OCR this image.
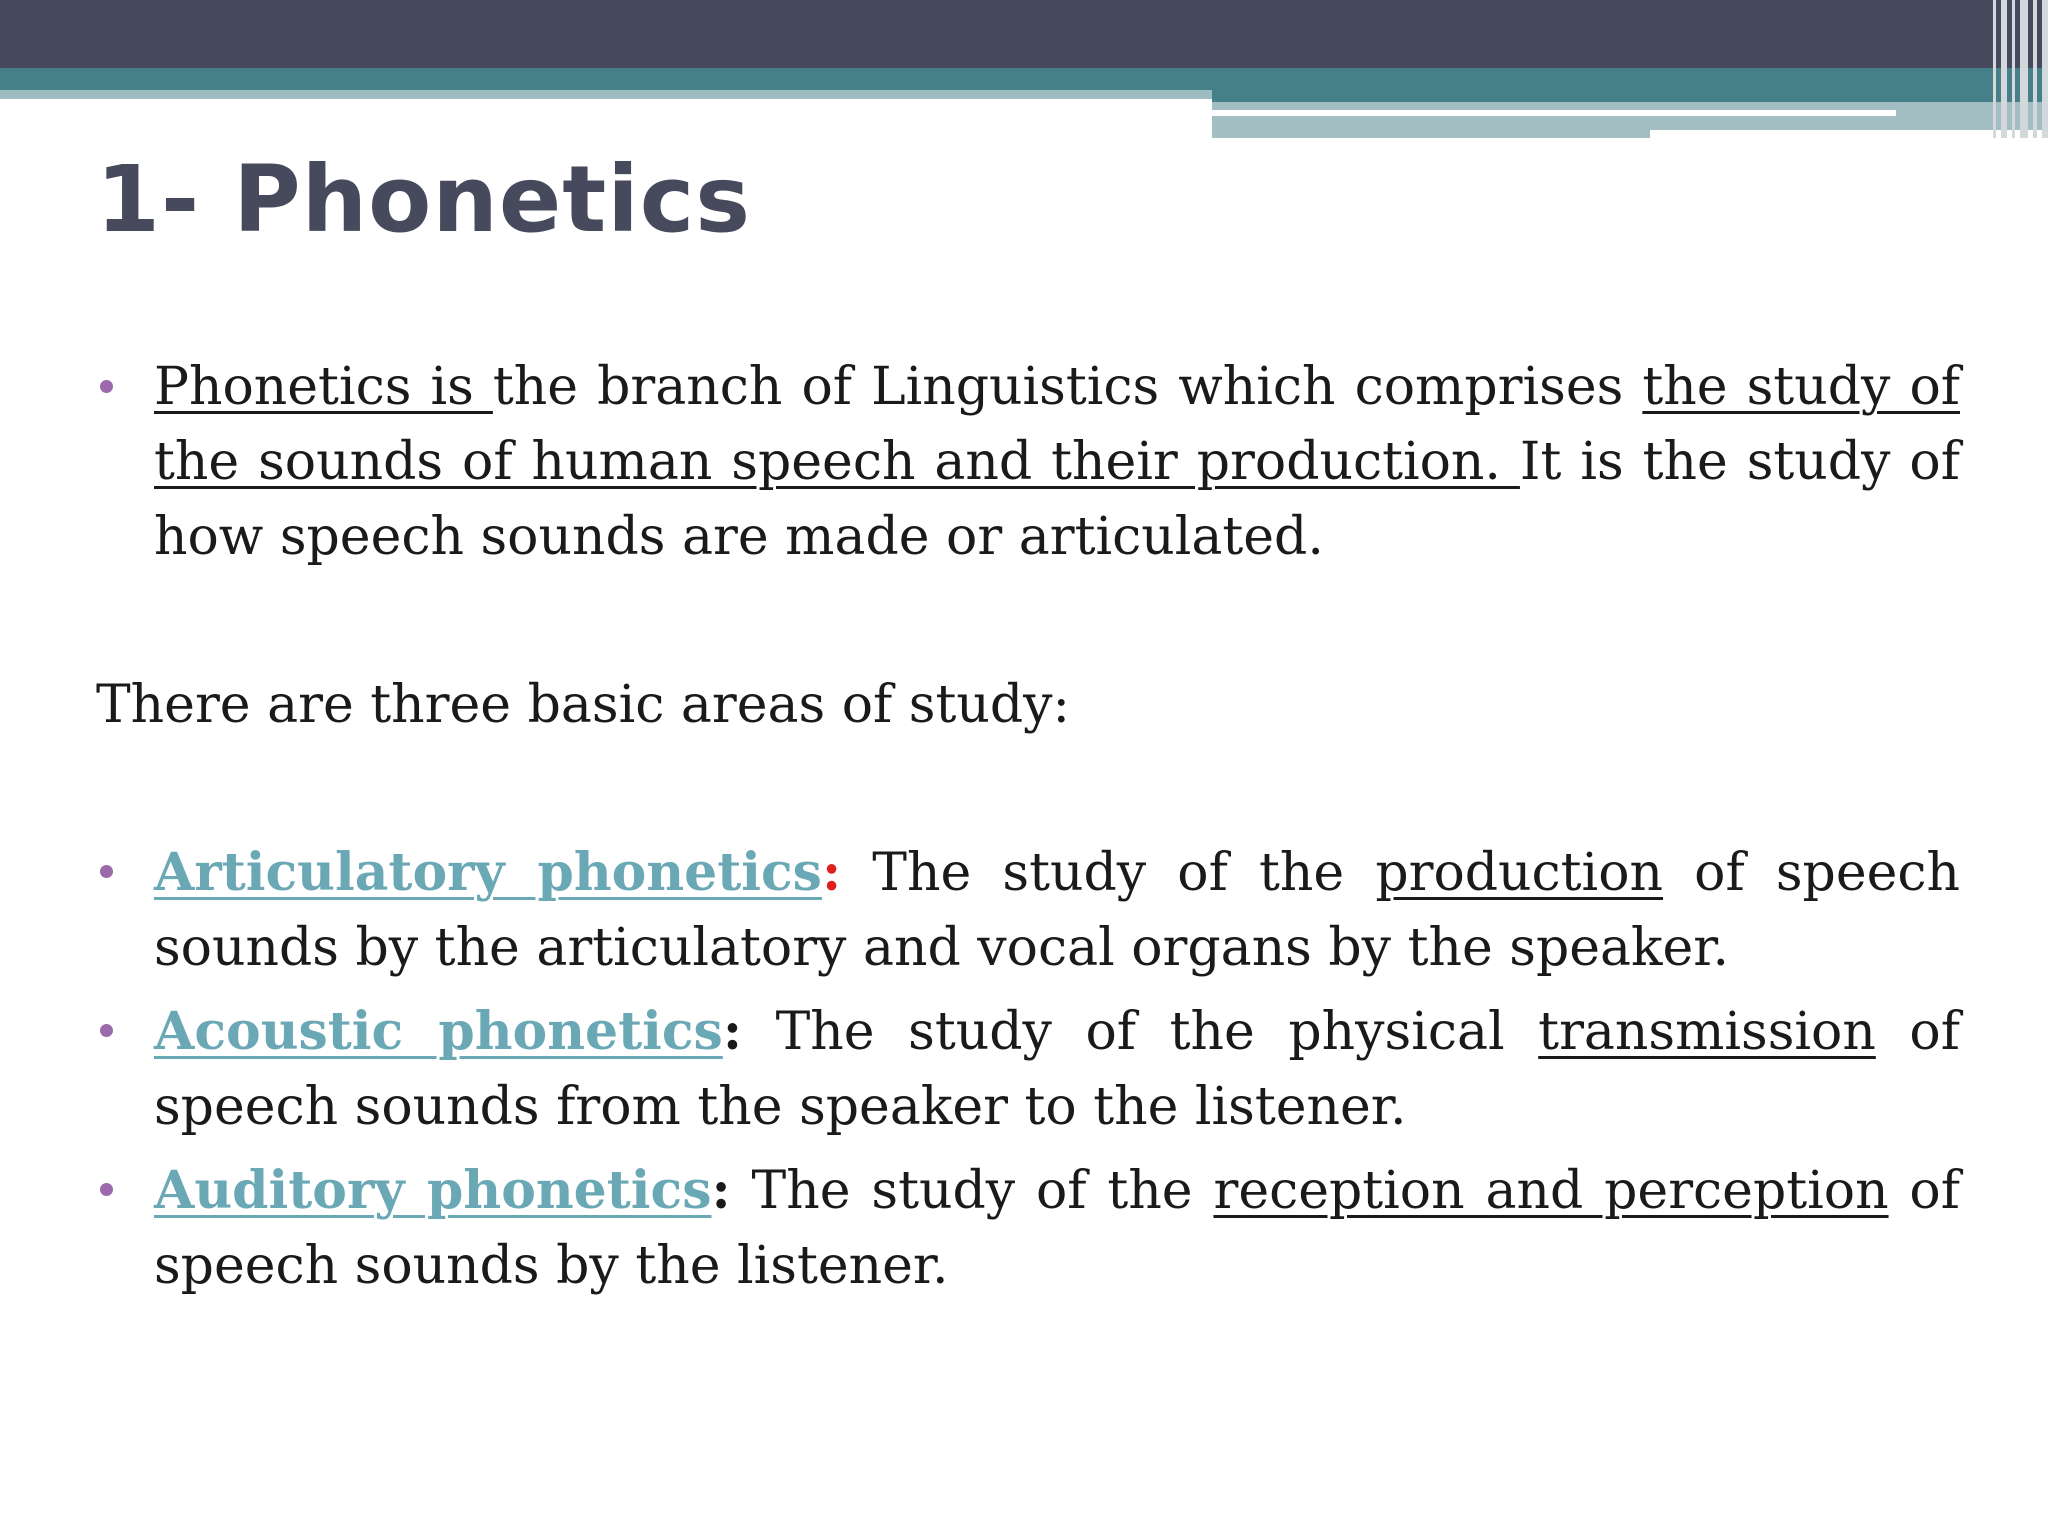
1- Phonetics

Phonetics is the branch of Linguistics which comprises the study of the sounds of human speech and their production. It is the study of how speech sounds are made or articulated.

There are three basic areas of study:

Articulatory phonetics: The study of the production of speech sounds by the articulatory and vocal organs by the speaker.

Acoustic phonetics: The study of the physical transmission of speech sounds from the speaker to the listener.

Auditory phonetics: The study of the reception and perception of speech sounds by the listener.
